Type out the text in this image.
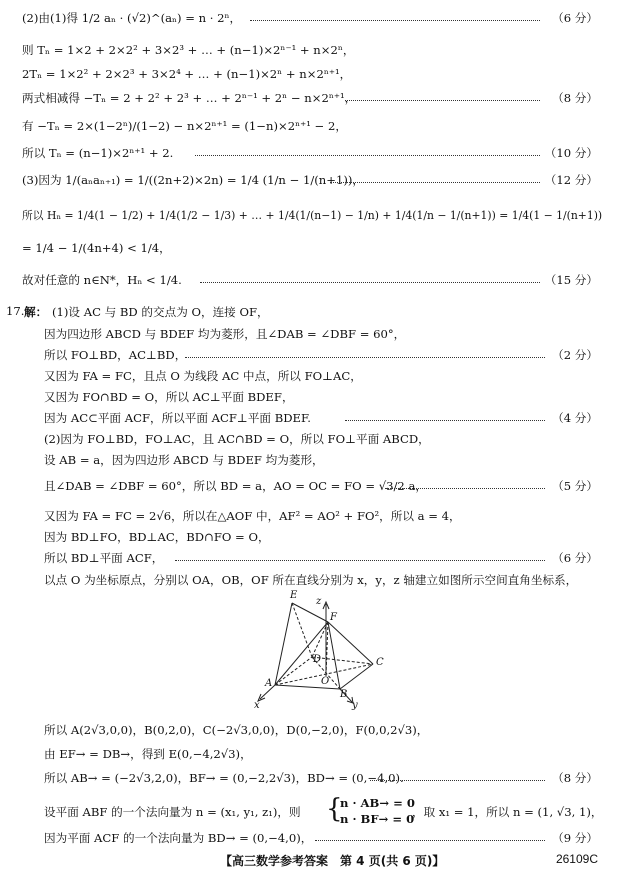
(2)由(1)得 1/2 aₙ · (√2)^(aₙ) = n · 2ⁿ，	（6 分）
则 Tₙ = 1×2 + 2×2² + 3×2³ + … + (n−1)×2ⁿ⁻¹ + n×2ⁿ，
2Tₙ = 1×2² + 2×2³ + 3×2⁴ + … + (n−1)×2ⁿ + n×2ⁿ⁺¹，
两式相减得 −Tₙ = 2 + 2² + 2³ + … + 2ⁿ⁻¹ + 2ⁿ − n×2ⁿ⁺¹，	（8 分）
有 −Tₙ = 2×(1−2ⁿ)/(1−2) − n×2ⁿ⁺¹ = (1−n)×2ⁿ⁺¹ − 2，
所以 Tₙ = (n−1)×2ⁿ⁺¹ + 2.	（10 分）
(3)因为 1/(aₙaₙ₊₁) = 1/((2n+2)×2n) = 1/4 (1/n − 1/(n+1))，	（12 分）
所以 Hₙ = 1/4(1 − 1/2) + 1/4(1/2 − 1/3) + … + 1/4(1/(n−1) − 1/n) + 1/4(1/n − 1/(n+1)) = 1/4(1 − 1/(n+1))
= 1/4 − 1/(4n+4) < 1/4，
故对任意的 n∈N*，Hₙ < 1/4.	（15 分）
17. 解： (1)设 AC 与 BD 的交点为 O，连接 OF，
因为四边形 ABCD 与 BDEF 均为菱形，且∠DAB = ∠DBF = 60°，
所以 FO⊥BD，AC⊥BD，	（2 分）
又因为 FA = FC，且点 O 为线段 AC 中点，所以 FO⊥AC，
又因为 FO∩BD = O，所以 AC⊥平面 BDEF，
因为 AC⊂平面 ACF，所以平面 ACF⊥平面 BDEF.	（4 分）
(2)因为 FO⊥BD，FO⊥AC，且 AC∩BD = O，所以 FO⊥平面 ABCD，
设 AB = a，因为四边形 ABCD 与 BDEF 均为菱形，
且∠DAB = ∠DBF = 60°，所以 BD = a，AO = OC = FO = √3/2 a，	（5 分）
又因为 FA = FC = 2√6，所以在△AOF 中，AF² = AO² + FO²，所以 a = 4，
因为 BD⊥FO，BD⊥AC，BD∩FO = O，
所以 BD⊥平面 ACF，	（6 分）
以点 O 为坐标原点，分别以 OA，OB，OF 所在直线分别为 x，y，z 轴建立如图所示空间直角坐标系，
E
z
F
D	C
O
A
B
x	y
所以 A(2√3,0,0)，B(0,2,0)，C(−2√3,0,0)，D(0,−2,0)，F(0,0,2√3)，
由 EF→ = DB→，得到 E(0,−4,2√3)，
所以 AB→ = (−2√3,2,0)，BF→ = (0,−2,2√3)，BD→ = (0,−4,0).	（8 分）
设平面 ABF 的一个法向量为 n = (x₁, y₁, z₁)，则 {
n · AB→ = 0
n · BF→ = 0
，取 x₁ = 1，所以 n = (1, √3, 1)，
因为平面 ACF 的一个法向量为 BD→ = (0,−4,0)，	（9 分）
【高三数学参考答案　第 4 页(共 6 页)】	26109C
